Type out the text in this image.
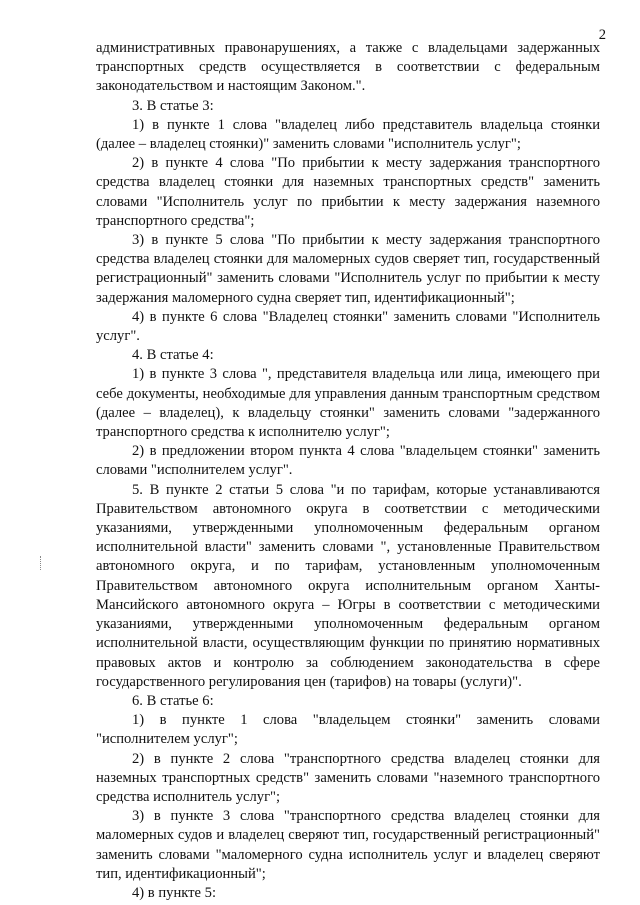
2

административных правонарушениях, а также с владельцами задержанных транспортных средств осуществляется в соответствии с федеральным законодательством и настоящим Законом.".

3. В статье 3:

1) в пункте 1 слова "владелец либо представитель владельца стоянки (далее – владелец стоянки)" заменить словами "исполнитель услуг";

2) в пункте 4 слова "По прибытии к месту задержания транспортного средства владелец стоянки для наземных транспортных средств" заменить словами "Исполнитель услуг по прибытии к месту задержания наземного транспортного средства";

3) в пункте 5 слова "По прибытии к месту задержания транспортного средства владелец стоянки для маломерных судов сверяет тип, государственный регистрационный" заменить словами "Исполнитель услуг по прибытии к месту задержания маломерного судна сверяет тип, идентификационный";

4) в пункте 6 слова "Владелец стоянки" заменить словами "Исполнитель услуг".

4. В статье 4:

1) в пункте 3 слова ", представителя владельца или лица, имеющего при себе документы, необходимые для управления данным транспортным средством (далее – владелец), к владельцу стоянки" заменить словами "задержанного транспортного средства к исполнителю услуг";

2) в предложении втором пункта 4 слова "владельцем стоянки" заменить словами "исполнителем услуг".

5. В пункте 2 статьи 5 слова "и по тарифам, которые устанавливаются Правительством автономного округа в соответствии с методическими указаниями, утвержденными уполномоченным федеральным органом исполнительной власти" заменить словами ", установленные Правительством автономного округа, и по тарифам, установленным уполномоченным Правительством автономного округа исполнительным органом Ханты-Мансийского автономного округа – Югры в соответствии с методическими указаниями, утвержденными уполномоченным федеральным органом исполнительной власти, осуществляющим функции по принятию нормативных правовых актов и контролю за соблюдением законодательства в сфере государственного регулирования цен (тарифов) на товары (услуги)".

6. В статье 6:

1) в пункте 1 слова "владельцем стоянки" заменить словами "исполнителем услуг";

2) в пункте 2 слова "транспортного средства владелец стоянки для наземных транспортных средств" заменить словами "наземного транспортного средства исполнитель услуг";

3) в пункте 3 слова "транспортного средства владелец стоянки для маломерных судов и владелец сверяют тип, государственный регистрационный" заменить словами "маломерного судна исполнитель услуг и владелец сверяют тип, идентификационный";

4) в пункте 5:
